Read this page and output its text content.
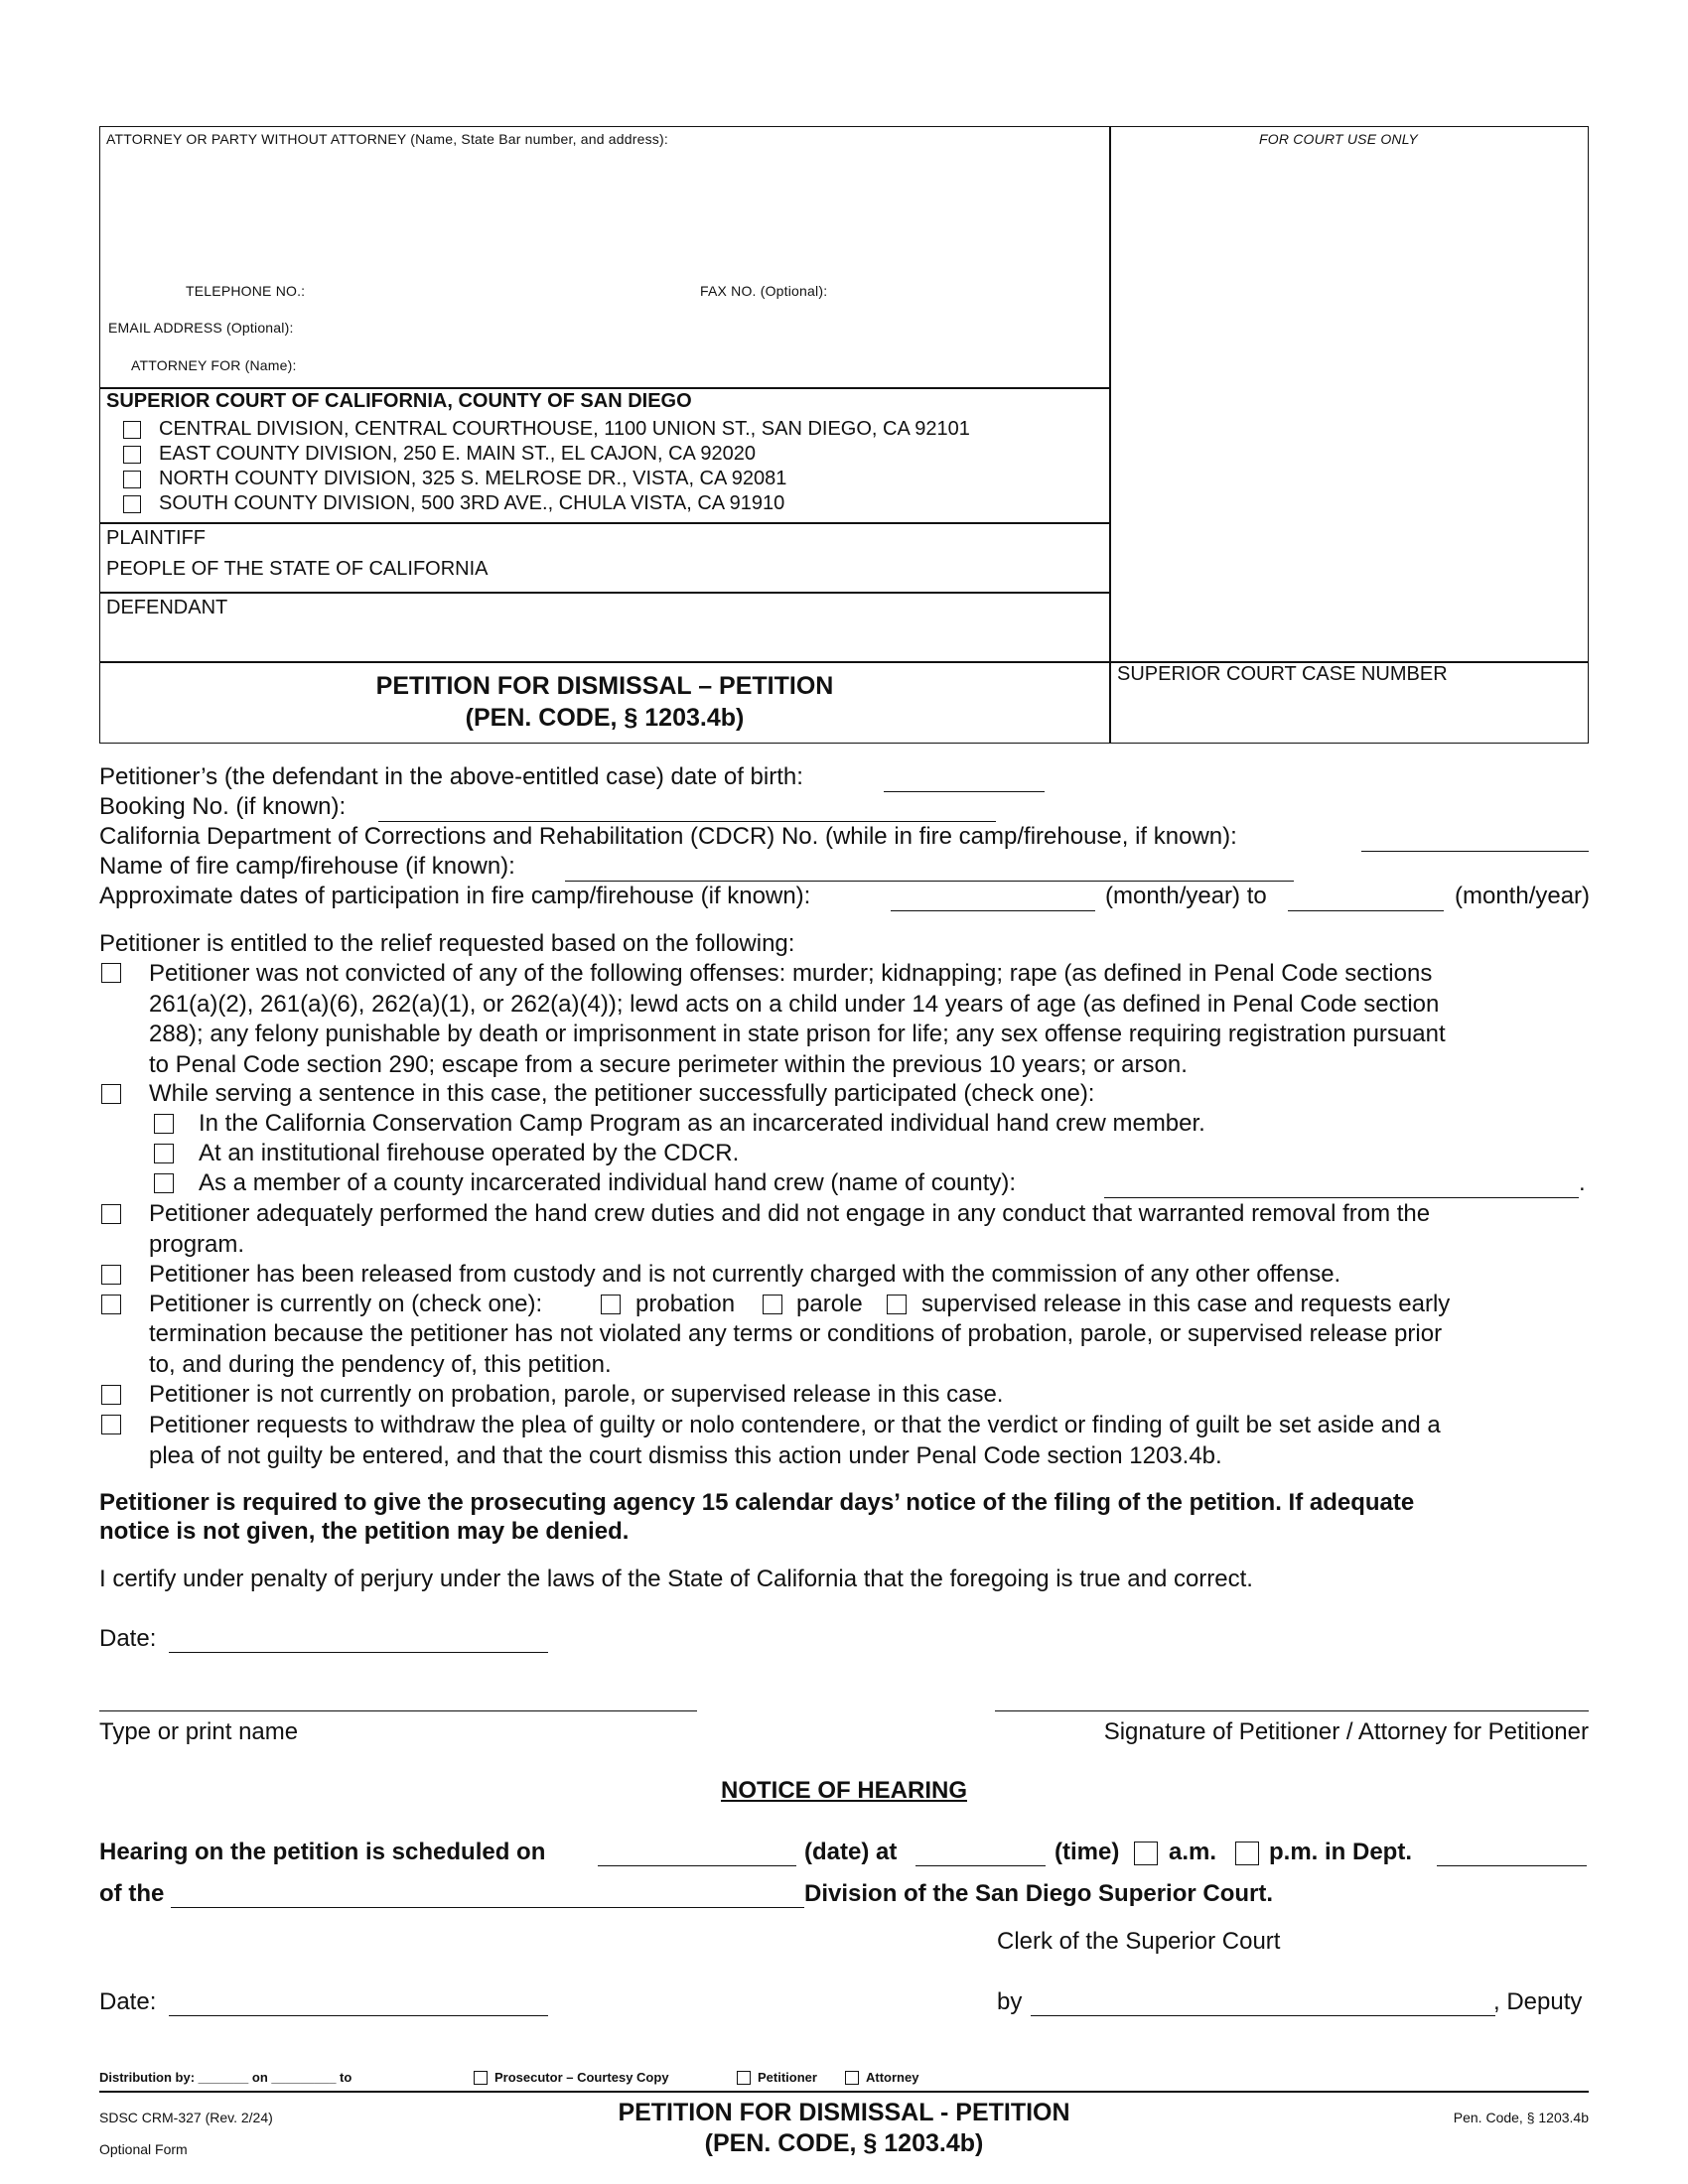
ATTORNEY OR PARTY WITHOUT ATTORNEY (Name, State Bar number, and address):	FOR COURT USE ONLY
TELEPHONE NO.:	FAX NO. (Optional):
EMAIL ADDRESS (Optional):
ATTORNEY FOR (Name):
SUPERIOR COURT OF CALIFORNIA, COUNTY OF SAN DIEGO
CENTRAL DIVISION, CENTRAL COURTHOUSE, 1100 UNION ST., SAN DIEGO, CA 92101
EAST COUNTY DIVISION, 250 E. MAIN ST., EL CAJON, CA 92020
NORTH COUNTY DIVISION, 325 S. MELROSE DR., VISTA, CA 92081
SOUTH COUNTY DIVISION, 500 3RD AVE., CHULA VISTA, CA 91910
PLAINTIFF
PEOPLE OF THE STATE OF CALIFORNIA
DEFENDANT
PETITION FOR DISMISSAL – PETITION
(PEN. CODE, § 1203.4b)
SUPERIOR COURT CASE NUMBER
Petitioner’s (the defendant in the above-entitled case) date of birth:
Booking No. (if known):
California Department of Corrections and Rehabilitation (CDCR) No. (while in fire camp/firehouse, if known):
Name of fire camp/firehouse (if known):
Approximate dates of participation in fire camp/firehouse (if known):	(month/year) to	(month/year)
Petitioner is entitled to the relief requested based on the following:
Petitioner was not convicted of any of the following offenses: murder; kidnapping; rape (as defined in Penal Code sections
261(a)(2), 261(a)(6), 262(a)(1), or 262(a)(4)); lewd acts on a child under 14 years of age (as defined in Penal Code section
288); any felony punishable by death or imprisonment in state prison for life; any sex offense requiring registration pursuant
to Penal Code section 290; escape from a secure perimeter within the previous 10 years; or arson.
While serving a sentence in this case, the petitioner successfully participated (check one):
In the California Conservation Camp Program as an incarcerated individual hand crew member.
At an institutional firehouse operated by the CDCR.
As a member of a county incarcerated individual hand crew (name of county):	.
Petitioner adequately performed the hand crew duties and did not engage in any conduct that warranted removal from the
program.
Petitioner has been released from custody and is not currently charged with the commission of any other offense.
Petitioner is currently on (check one):	probation	parole supervised release in this case and requests early
termination because the petitioner has not violated any terms or conditions of probation, parole, or supervised release prior
to, and during the pendency of, this petition.
Petitioner is not currently on probation, parole, or supervised release in this case.
Petitioner requests to withdraw the plea of guilty or nolo contendere, or that the verdict or finding of guilt be set aside and a
plea of not guilty be entered, and that the court dismiss this action under Penal Code section 1203.4b.
Petitioner is required to give the prosecuting agency 15 calendar days’ notice of the filing of the petition. If adequate
notice is not given, the petition may be denied.
I certify under penalty of perjury under the laws of the State of California that the foregoing is true and correct.
Date:
Type or print name	Signature of Petitioner / Attorney for Petitioner
NOTICE OF HEARING
Hearing on the petition is scheduled on	(date) at	(time) a.m. p.m. in Dept.
of the	Division of the San Diego Superior Court.
Clerk of the Superior Court
Date:	by	, Deputy
Distribution by: _______ on _________ to	Prosecutor – Courtesy Copy	Petitioner	Attorney
SDSC CRM-327 (Rev. 2/24)
Optional Form
PETITION FOR DISMISSAL - PETITION
(PEN. CODE, § 1203.4b)
Pen. Code, § 1203.4b
